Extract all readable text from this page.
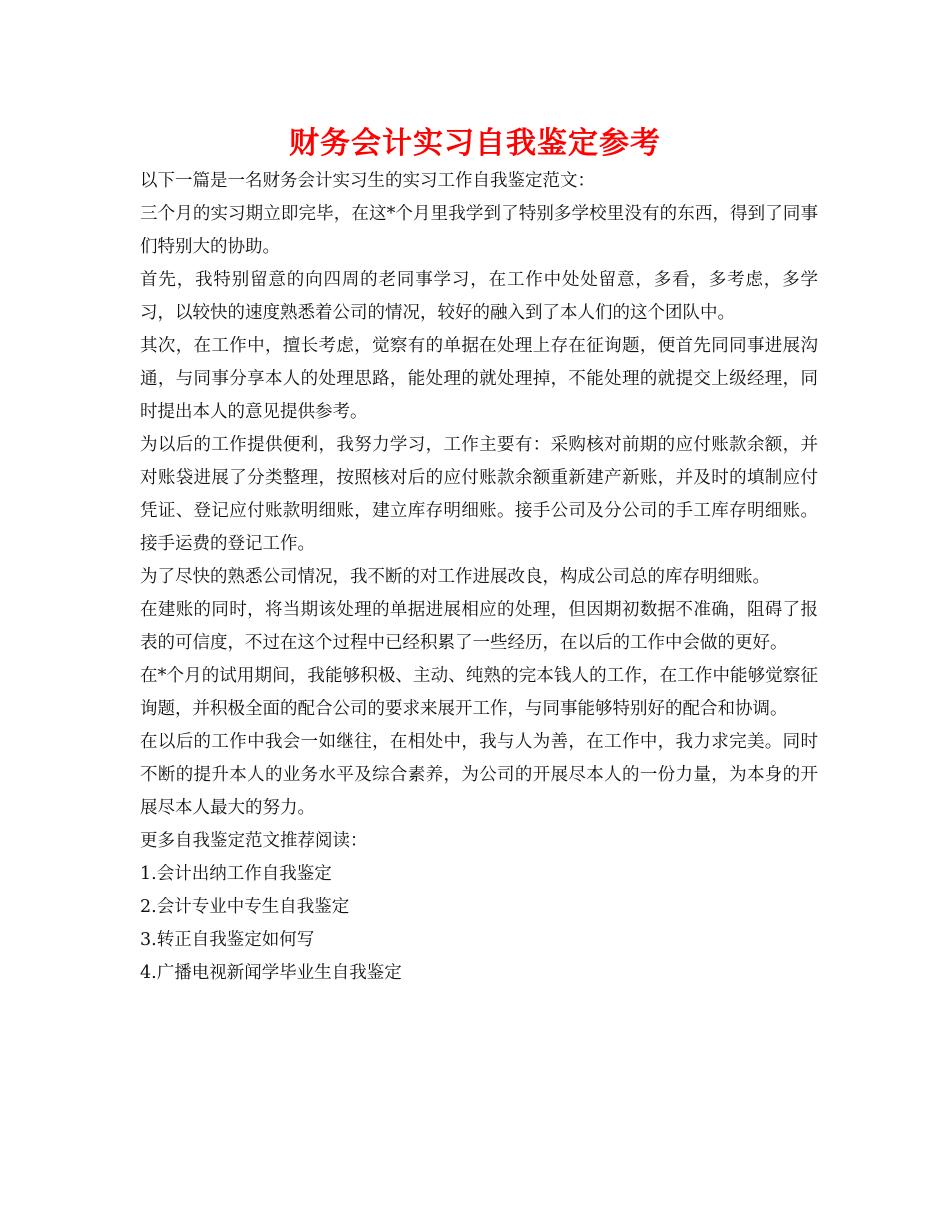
财务会计实习自我鉴定参考

以下一篇是一名财务会计实习生的实习工作自我鉴定范文：

三个月的实习期立即完毕，在这*个月里我学到了特别多学校里没有的东西，得到了同事们特别大的协助。

首先，我特别留意的向四周的老同事学习，在工作中处处留意，多看，多考虑，多学习，以较快的速度熟悉着公司的情况，较好的融入到了本人们的这个团队中。

其次，在工作中，擅长考虑，觉察有的单据在处理上存在征询题，便首先同同事进展沟通，与同事分享本人的处理思路，能处理的就处理掉，不能处理的就提交上级经理，同时提出本人的意见提供参考。

为以后的工作提供便利，我努力学习，工作主要有：采购核对前期的应付账款余额，并对账袋进展了分类整理，按照核对后的应付账款余额重新建产新账，并及时的填制应付凭证、登记应付账款明细账，建立库存明细账。接手公司及分公司的手工库存明细账。接手运费的登记工作。

为了尽快的熟悉公司情况，我不断的对工作进展改良，构成公司总的库存明细账。

在建账的同时，将当期该处理的单据进展相应的处理，但因期初数据不准确，阻碍了报表的可信度，不过在这个过程中已经积累了一些经历，在以后的工作中会做的更好。

在*个月的试用期间，我能够积极、主动、纯熟的完本钱人的工作，在工作中能够觉察征询题，并积极全面的配合公司的要求来展开工作，与同事能够特别好的配合和协调。

在以后的工作中我会一如继往，在相处中，我与人为善，在工作中，我力求完美。同时不断的提升本人的业务水平及综合素养，为公司的开展尽本人的一份力量，为本身的开展尽本人最大的努力。

更多自我鉴定范文推荐阅读：

1.会计出纳工作自我鉴定
2.会计专业中专生自我鉴定
3.转正自我鉴定如何写
4.广播电视新闻学毕业生自我鉴定
